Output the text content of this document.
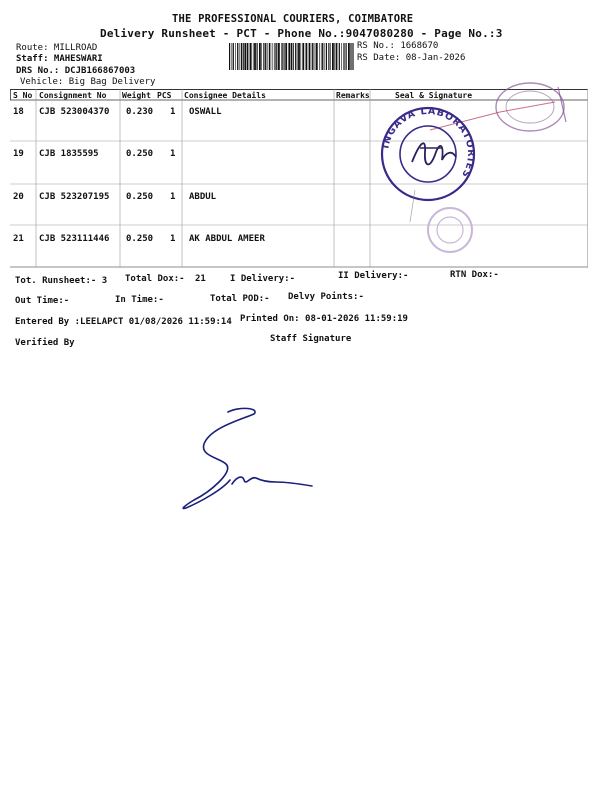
THE PROFESSIONAL COURIERS, COIMBATORE
Delivery Runsheet - PCT - Phone No.:9047080280 - Page No.:3
Route: MILLROAD
Staff: MAHESWARI
DRS No.: DCJB166867003
Vehicle: Big Bag Delivery
RS No.: 1668670
RS Date: 08-Jan-2026
S No Consignment No Weight PCS Consignee Details	Remarks	Seal & Signature
18 CJB 523004370 0.230 1 OSWALL
19 CJB 1835595	0.250 1
20 CJB 523207195 0.250 1 ABDUL
21 CJB 523111446 0.250 1 AK ABDUL AMEER
INGAVA LABORATORIES
Tot. Runsheet:- 3 Total Dox:- 21	I Delivery:-	II Delivery:-	RTN Dox:-
Out Time:-	In Time:-	Total POD:- Delvy Points:-
Entered By :LEELAPCT 01/08/2026 11:59:14 Printed On: 08-01-2026 11:59:19
Verified By	Staff Signature
